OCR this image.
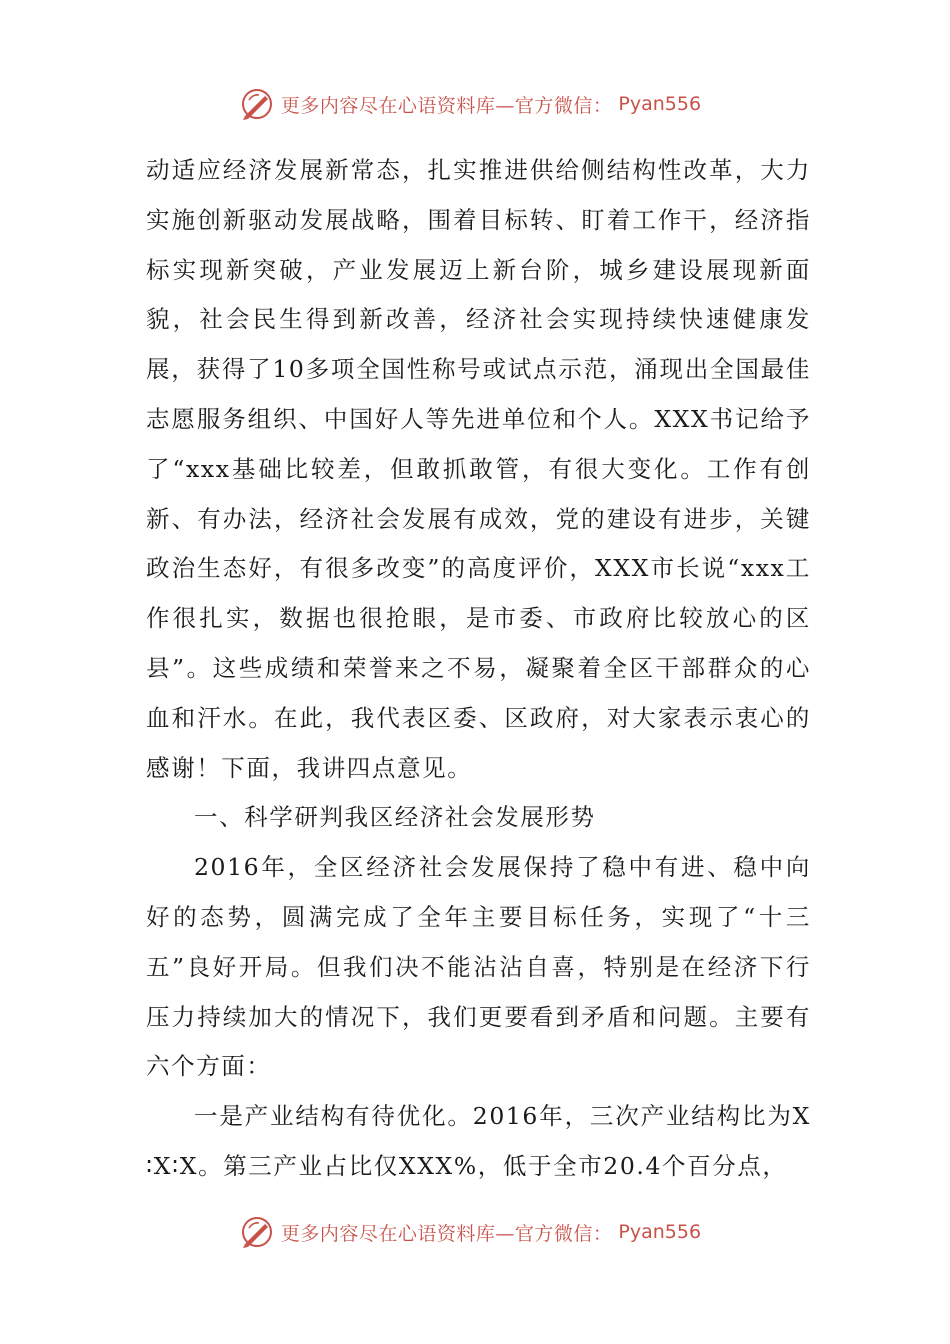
更多内容尽在心语资料库—官方微信： Pyan556

动适应经济发展新常态，扎实推进供给侧结构性改革，大力实施创新驱动发展战略，围着目标转、盯着工作干，经济指标实现新突破，产业发展迈上新台阶，城乡建设展现新面貌，社会民生得到新改善，经济社会实现持续快速健康发展，获得了10多项全国性称号或试点示范，涌现出全国最佳志愿服务组织、中国好人等先进单位和个人。XXX书记给予了“xxx基础比较差，但敢抓敢管，有很大变化。工作有创新、有办法，经济社会发展有成效，党的建设有进步，关键政治生态好，有很多改变”的高度评价，XXX市长说“xxx工作很扎实，数据也很抢眼，是市委、市政府比较放心的区县”。这些成绩和荣誉来之不易，凝聚着全区干部群众的心血和汗水。在此，我代表区委、区政府，对大家表示衷心的感谢！下面，我讲四点意见。

一、科学研判我区经济社会发展形势

2016年，全区经济社会发展保持了稳中有进、稳中向好的态势，圆满完成了全年主要目标任务，实现了“十三五”良好开局。但我们决不能沾沾自喜，特别是在经济下行压力持续加大的情况下，我们更要看到矛盾和问题。主要有六个方面：

一是产业结构有待优化。2016年，三次产业结构比为X∶X∶X。第三产业占比仅XXX%，低于全市20.4个百分点，

更多内容尽在心语资料库—官方微信： Pyan556
